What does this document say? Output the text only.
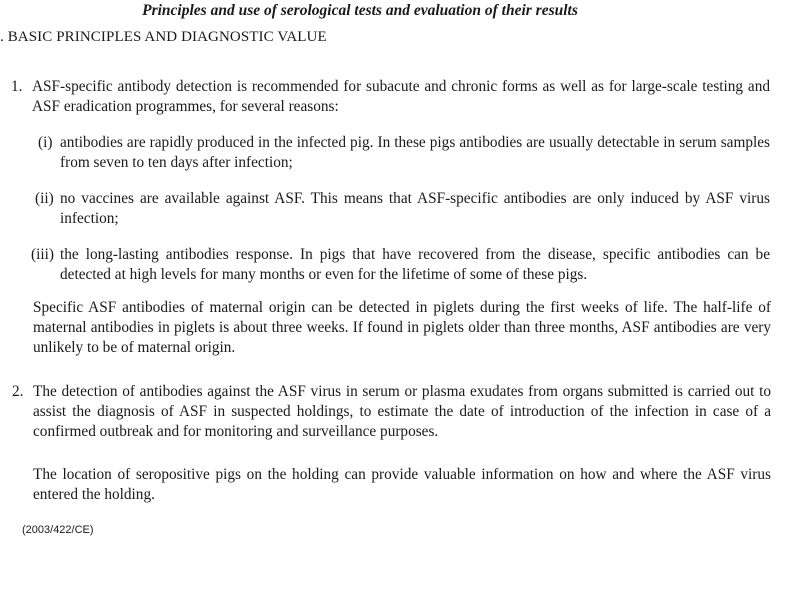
Principles and use of serological tests and evaluation of their results
. BASIC PRINCIPLES AND DIAGNOSTIC VALUE
1. ASF-specific antibody detection is recommended for subacute and chronic forms as well as for large-scale testing and ASF eradication programmes, for several reasons:
(i) antibodies are rapidly produced in the infected pig. In these pigs antibodies are usually detectable in serum samples from seven to ten days after infection;
(ii) no vaccines are available against ASF. This means that ASF-specific antibodies are only induced by ASF virus infection;
(iii) the long-lasting antibodies response. In pigs that have recovered from the disease, specific antibodies can be detected at high levels for many months or even for the lifetime of some of these pigs.
Specific ASF antibodies of maternal origin can be detected in piglets during the first weeks of life. The half-life of maternal antibodies in piglets is about three weeks. If found in piglets older than three months, ASF antibodies are very unlikely to be of maternal origin.
2. The detection of antibodies against the ASF virus in serum or plasma exudates from organs submitted is carried out to assist the diagnosis of ASF in suspected holdings, to estimate the date of introduction of the infection in case of a confirmed outbreak and for monitoring and surveillance purposes.
The location of seropositive pigs on the holding can provide valuable information on how and where the ASF virus entered the holding.
(2003/422/CE)
